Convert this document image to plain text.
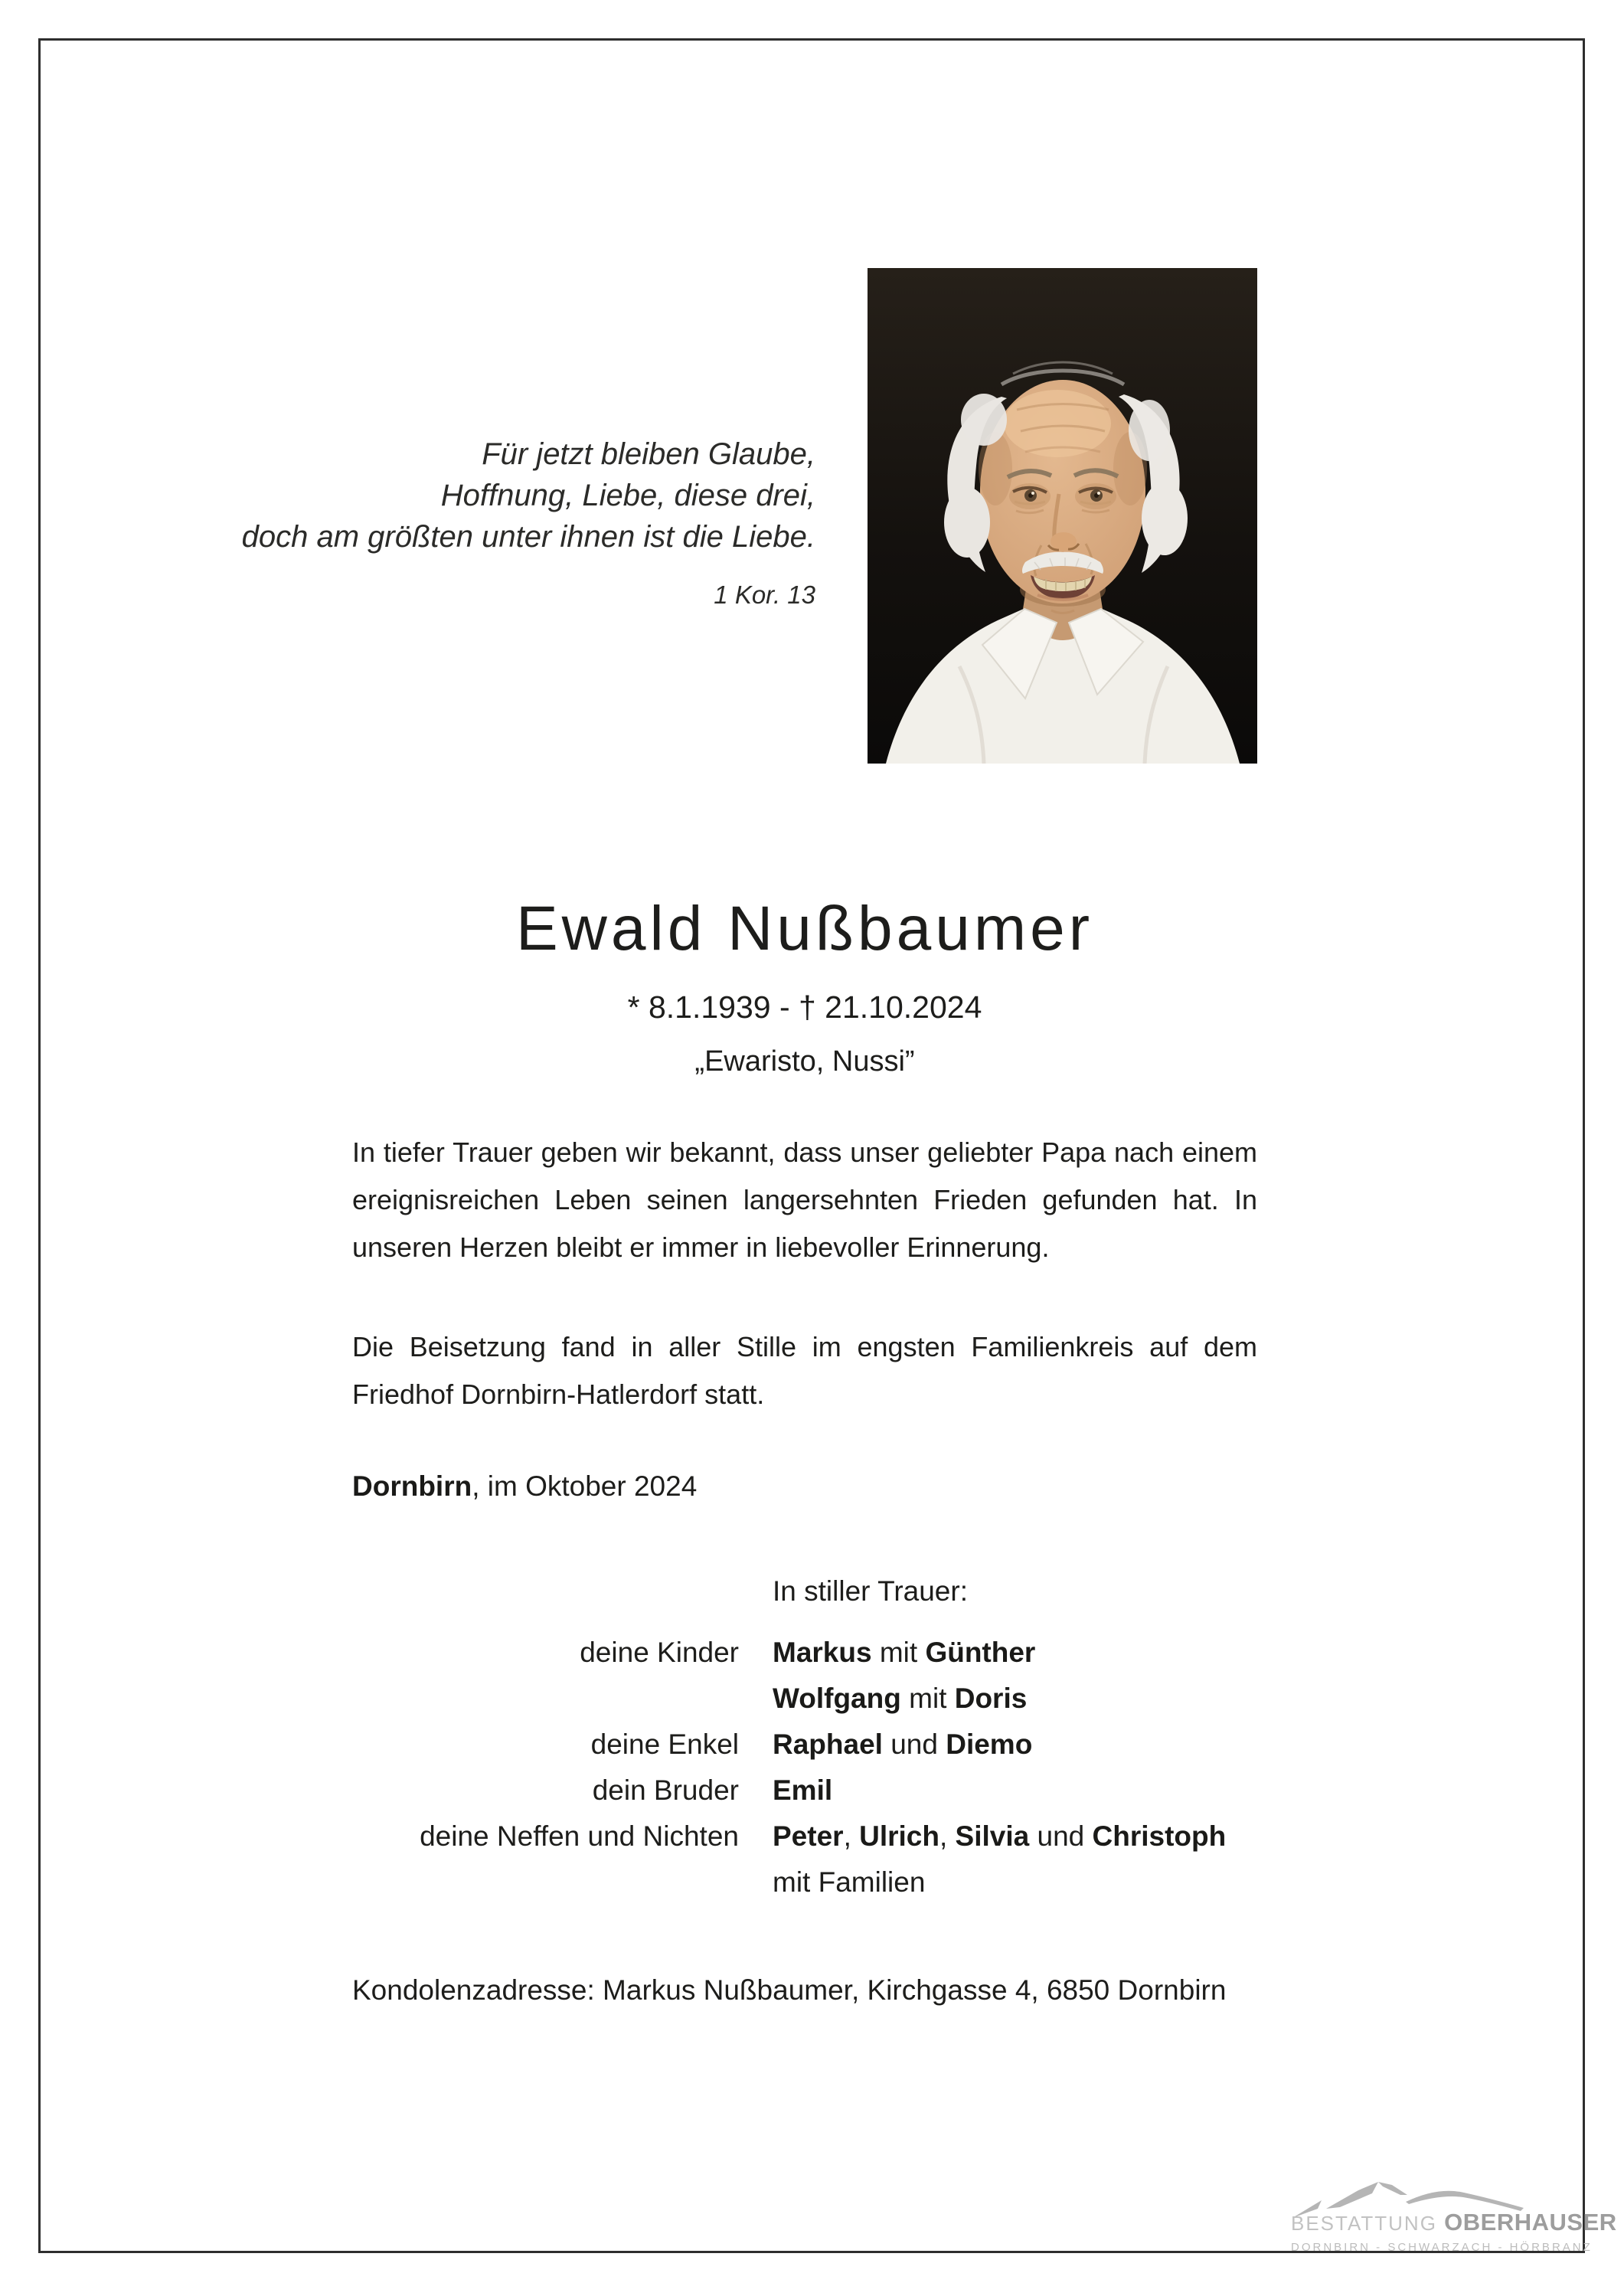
Für jetzt bleiben Glaube,
Hoffnung, Liebe, diese drei,
doch am größten unter ihnen ist die Liebe.
1 Kor. 13
Ewald Nußbaumer
* 8.1.1939 - † 21.10.2024
„Ewaristo, Nussi”
In tiefer Trauer geben wir bekannt, dass unser geliebter Papa nach einem ereignisreichen Leben seinen langersehnten Frieden gefunden hat. In unseren Herzen bleibt er immer in liebevoller Erinnerung.
Die Beisetzung fand in aller Stille im engsten Familienkreis auf dem Friedhof Dornbirn-Hatlerdorf statt.
Dornbirn, im Oktober 2024
In stiller Trauer:
deine Kinder Markus mit Günther
Wolfgang mit Doris
deine Enkel Raphael und Diemo
dein Bruder Emil
deine Neffen und Nichten Peter, Ulrich, Silvia und Christoph
mit Familien
Kondolenzadresse: Markus Nußbaumer, Kirchgasse 4, 6850 Dornbirn
BESTATTUNG OBERHAUSER
DORNBIRN - SCHWARZACH - HÖRBRANZ
